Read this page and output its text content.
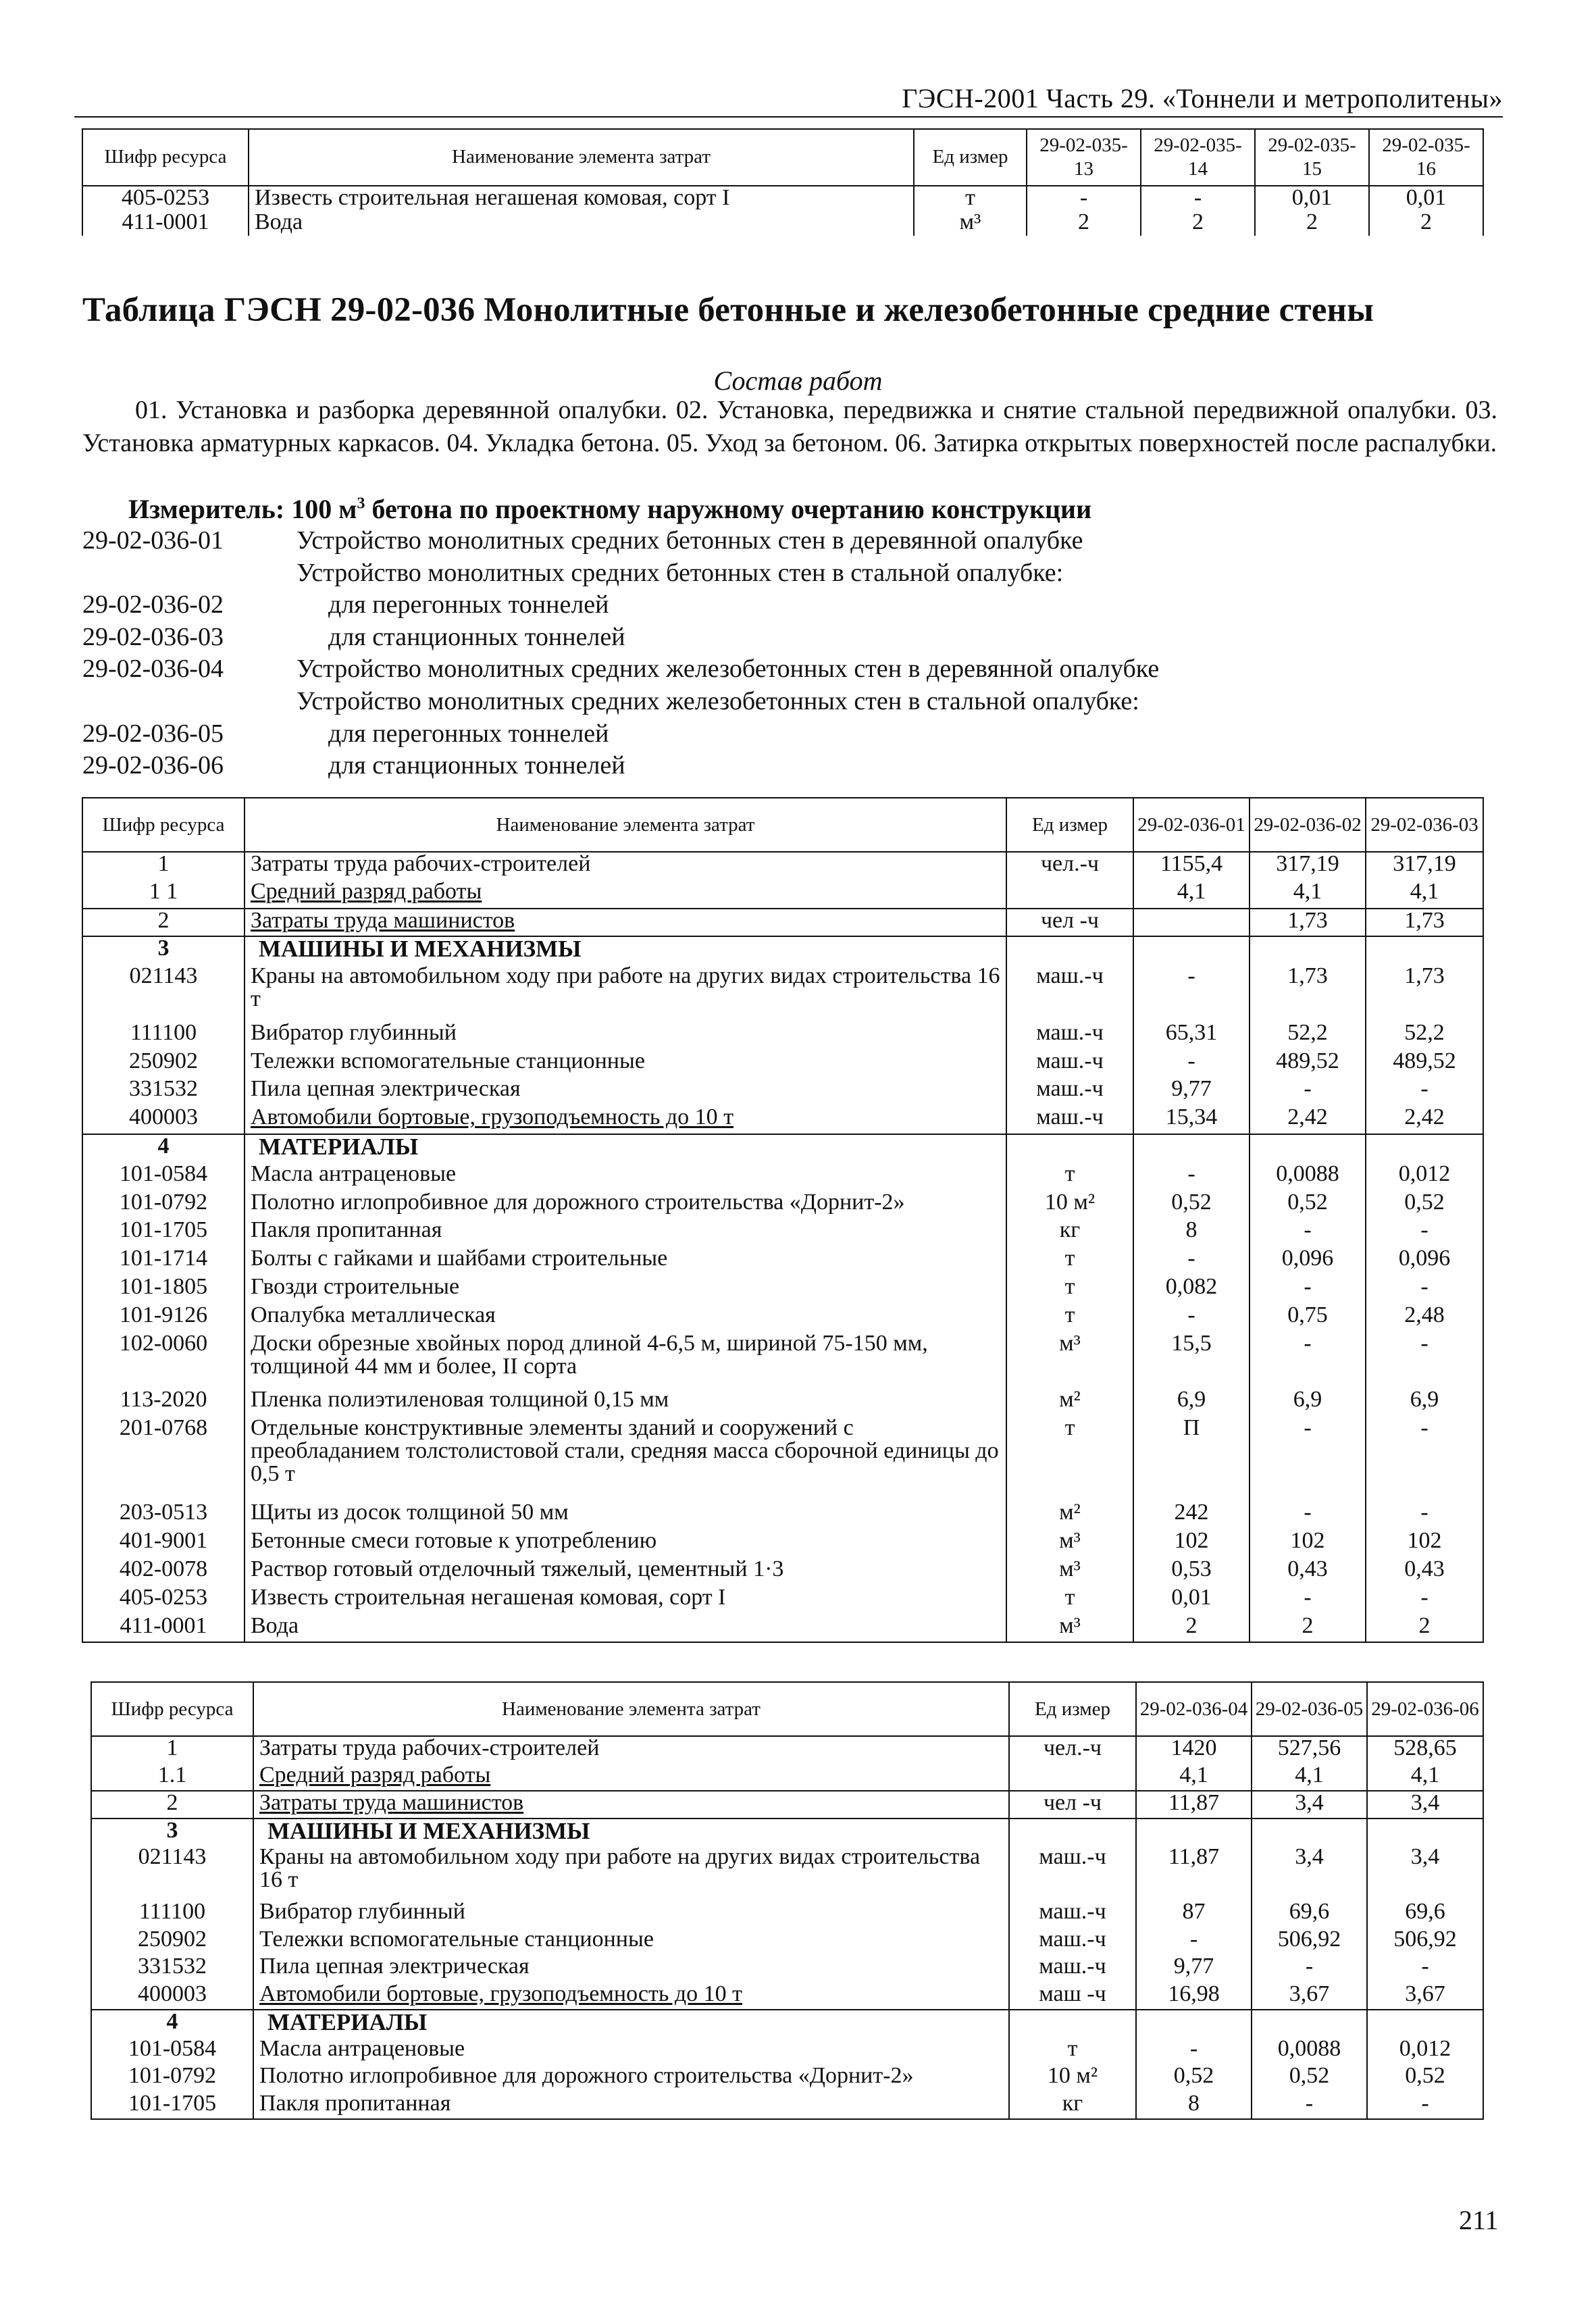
ГЭСН-2001 Часть 29. «Тоннели и метрополитены»
Шифр ресурса	Наименование элемента затрат	Ед измер	29-02-035-13	29-02-035-14	29-02-035-15	29-02-035-16
405-0253	Известь строительная негашеная комовая, сорт I	т	-	-	0,01	0,01
411-0001	Вода	м³	2	2	2	2
Таблица ГЭСН 29-02-036 Монолитные бетонные и железобетонные средние стены
Состав работ
01. Установка и разборка деревянной опалубки. 02. Установка, передвижка и снятие стальной передвижной опалубки. 03. Установка арматурных каркасов. 04. Укладка бетона. 05. Уход за бетоном. 06. Затирка открытых поверхностей после распалубки.
Измеритель: 100 $м^3$ бетона по проектному наружному очертанию конструкции
29-02-036-01	Устройство монолитных средних бетонных стен в деревянной опалубке
Устройство монолитных средних бетонных стен в стальной опалубке:
29-02-036-02	для перегонных тоннелей
29-02-036-03	для станционных тоннелей
29-02-036-04	Устройство монолитных средних железобетонных стен в деревянной опалубке
Устройство монолитных средних железобетонных стен в стальной опалубке:
29-02-036-05	для перегонных тоннелей
29-02-036-06	для станционных тоннелей
Шифр ресурса	Наименование элемента затрат	Ед измер	29-02-036-01	29-02-036-02	29-02-036-03
1	Затраты труда рабочих-строителей	чел.-ч	1155,4	317,19	317,19
1 1	Средний разряд работы		4,1	4,1	4,1
2	Затраты труда машинистов	чел -ч		1,73	1,73
3	МАШИНЫ И МЕХАНИЗМЫ				
021143	Краны на автомобильном ходу при работе на других видах строительства 16 т	маш.-ч	-	1,73	1,73
111100	Вибратор глубинный	маш.-ч	65,31	52,2	52,2
250902	Тележки вспомогательные станционные	маш.-ч	-	489,52	489,52
331532	Пила цепная электрическая	маш.-ч	9,77	-	-
400003	Автомобили бортовые, грузоподъемность до 10 т	маш.-ч	15,34	2,42	2,42
4	МАТЕРИАЛЫ				
101-0584	Масла антраценовые	т	-	0,0088	0,012
101-0792	Полотно иглопробивное для дорожного строительства «Дорнит-2»	10 м²	0,52	0,52	0,52
101-1705	Пакля пропитанная	кг	8	-	-
101-1714	Болты с гайками и шайбами строительные	т	-	0,096	0,096
101-1805	Гвозди строительные	т	0,082	-	-
101-9126	Опалубка металлическая	т	-	0,75	2,48
102-0060	Доски обрезные хвойных пород длиной 4-6,5 м, шириной 75-150 мм, толщиной 44 мм и более, II сорта	м³	15,5	-	-
113-2020	Пленка полиэтиленовая толщиной 0,15 мм	м²	6,9	6,9	6,9
201-0768	Отдельные конструктивные элементы зданий и сооружений с преобладанием толстолистовой стали, средняя масса сборочной единицы до 0,5 т	т	П	-	-
203-0513	Щиты из досок толщиной 50 мм	м²	242	-	-
401-9001	Бетонные смеси готовые к употреблению	м³	102	102	102
402-0078	Раствор готовый отделочный тяжелый, цементный 1·3	м³	0,53	0,43	0,43
405-0253	Известь строительная негашеная комовая, сорт I	т	0,01	-	-
411-0001	Вода	м³	2	2	2
Шифр ресурса	Наименование элемента затрат	Ед измер	29-02-036-04	29-02-036-05	29-02-036-06
1	Затраты труда рабочих-строителей	чел.-ч	1420	527,56	528,65
1.1	Средний разряд работы		4,1	4,1	4,1
2	Затраты труда машинистов	чел -ч	11,87	3,4	3,4
3	МАШИНЫ И МЕХАНИЗМЫ				
021143	Краны на автомобильном ходу при работе на других видах строительства 16 т	маш.-ч	11,87	3,4	3,4
111100	Вибратор глубинный	маш.-ч	87	69,6	69,6
250902	Тележки вспомогательные станционные	маш.-ч	-	506,92	506,92
331532	Пила цепная электрическая	маш.-ч	9,77	-	-
400003	Автомобили бортовые, грузоподъемность до 10 т	маш -ч	16,98	3,67	3,67
4	МАТЕРИАЛЫ				
101-0584	Масла антраценовые	т	-	0,0088	0,012
101-0792	Полотно иглопробивное для дорожного строительства «Дорнит-2»	10 м²	0,52	0,52	0,52
101-1705	Пакля пропитанная	кг	8	-	-
211
